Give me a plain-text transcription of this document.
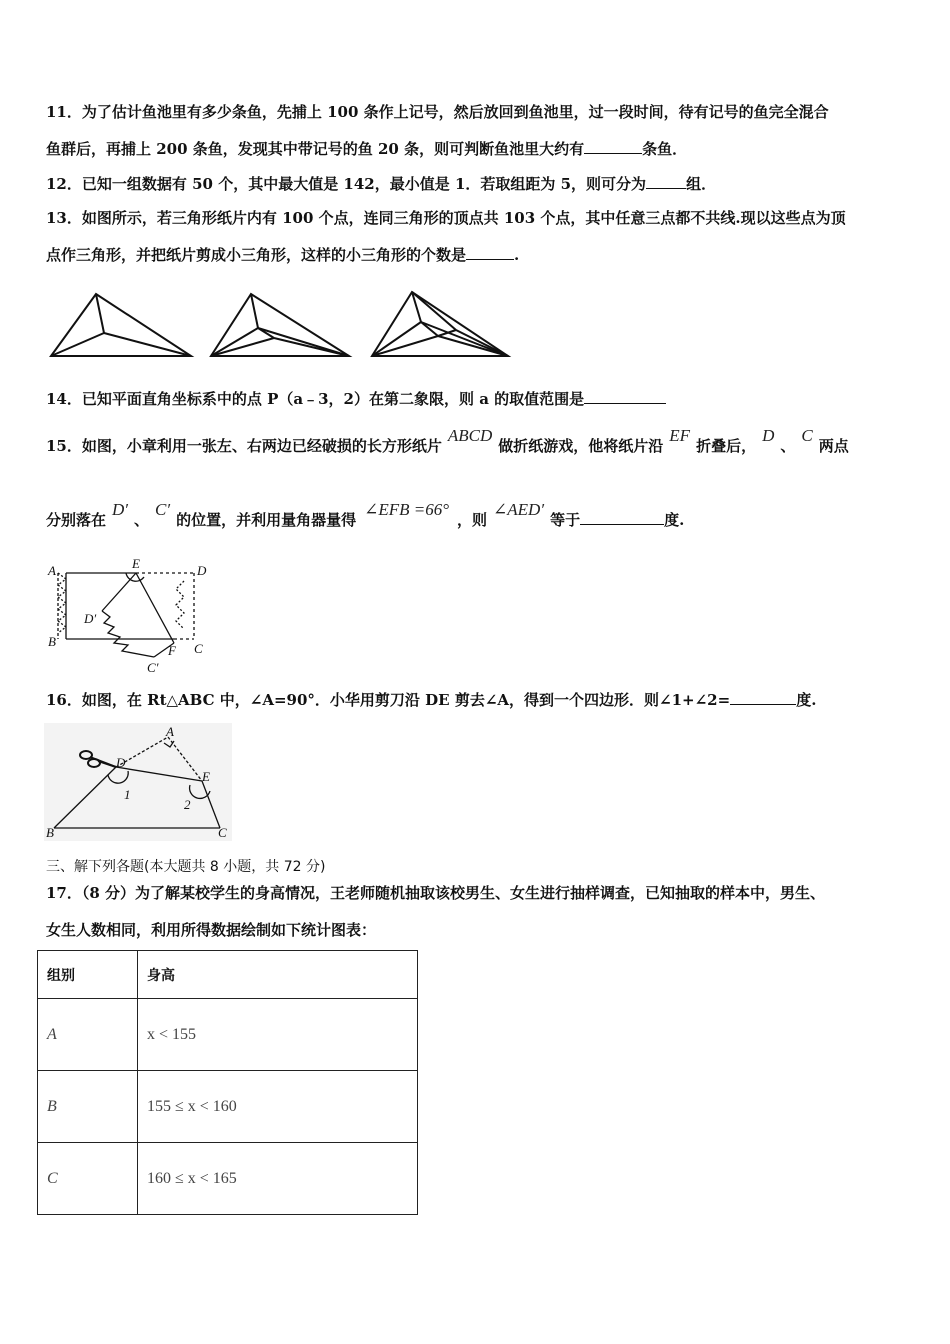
11．为了估计鱼池里有多少条鱼，先捕上 100 条作上记号，然后放回到鱼池里，过一段时间，待有记号的鱼完全混合
鱼群后，再捕上 200 条鱼，发现其中带记号的鱼 20 条，则可判断鱼池里大约有	条鱼．
12．已知一组数据有 50 个，其中最大值是 142，最小值是 1．若取组距为 5，则可分为	组．
13．如图所示，若三角形纸片内有 100 个点，连同三角形的顶点共 103 个点，其中任意三点都不共线.现以这些点为顶
点作三角形，并把纸片剪成小三角形，这样的小三角形的个数是	.
14．已知平面直角坐标系中的点 P（a﹣3，2）在第二象限，则 a 的取值范围是
15．如图，小章利用一张左、右两边已经破损的长方形纸片ABCD做折纸游戏，他将纸片沿EF折叠后，D、C两点
分别落在D′、C′的位置，并利用量角器量得∠EFB =66°，则∠AED′等于	度.
A	E	D
B
D′
F C
C′
16．如图，在 Rt△ABC 中，∠A=90°．小华用剪刀沿 DE 剪去∠A，得到一个四边形．则∠1+∠2=	度.
A
D
E
B	C
1
2
三、解下列各题(本大题共 8 小题，共 72 分)
17．（8 分）为了解某校学生的身高情况，王老师随机抽取该校男生、女生进行抽样调查，已知抽取的样本中，男生、
女生人数相同，利用所得数据绘制如下统计图表：
组别	身高
A	x < 155
B	155 ≤ x < 160
C	160 ≤ x < 165
